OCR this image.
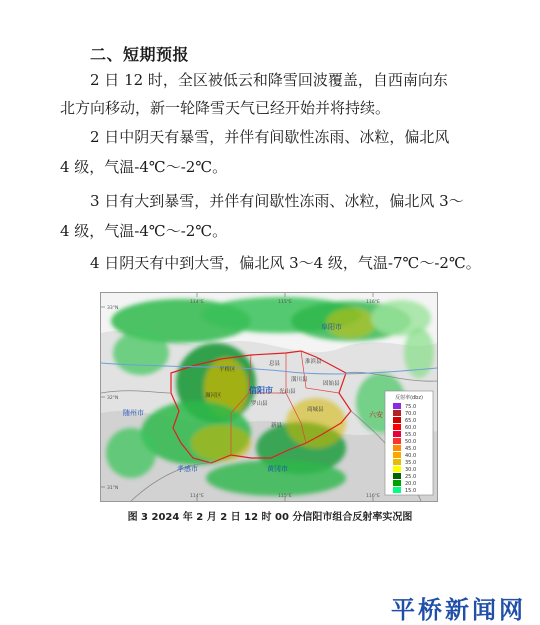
二、短期预报
2 日 12 时，全区被低云和降雪回波覆盖，自西南向东
北方向移动，新一轮降雪天气已经开始并将持续。
2 日中阴天有暴雪，并伴有间歇性冻雨、冰粒，偏北风
4 级，气温-4℃～-2℃。
3 日有大到暴雪，并伴有间歇性冻雨、冰粒，偏北风 3～
4 级，气温-4℃～-2℃。
4 日阴天有中到大雪，偏北风 3～4 级，气温-7℃～-2℃。
114°E	115°E	116°E
114°E	115°E	116°E
33°N
32°N
31°N
信阳市
随州市	六安
阜阳市
孝感市	黄冈市
息县	淮滨县
潢川县
固始县
光山县
商城县
罗山县
新县
平桥区
浉河区	反射率(dbz)
75.0
70.0
65.0
60.0
55.0
50.0
45.0
40.0
35.0
30.0
25.0
20.0
15.0
图 3 2024 年 2 月 2 日 12 时 00 分信阳市组合反射率实况图
平桥新闻网
